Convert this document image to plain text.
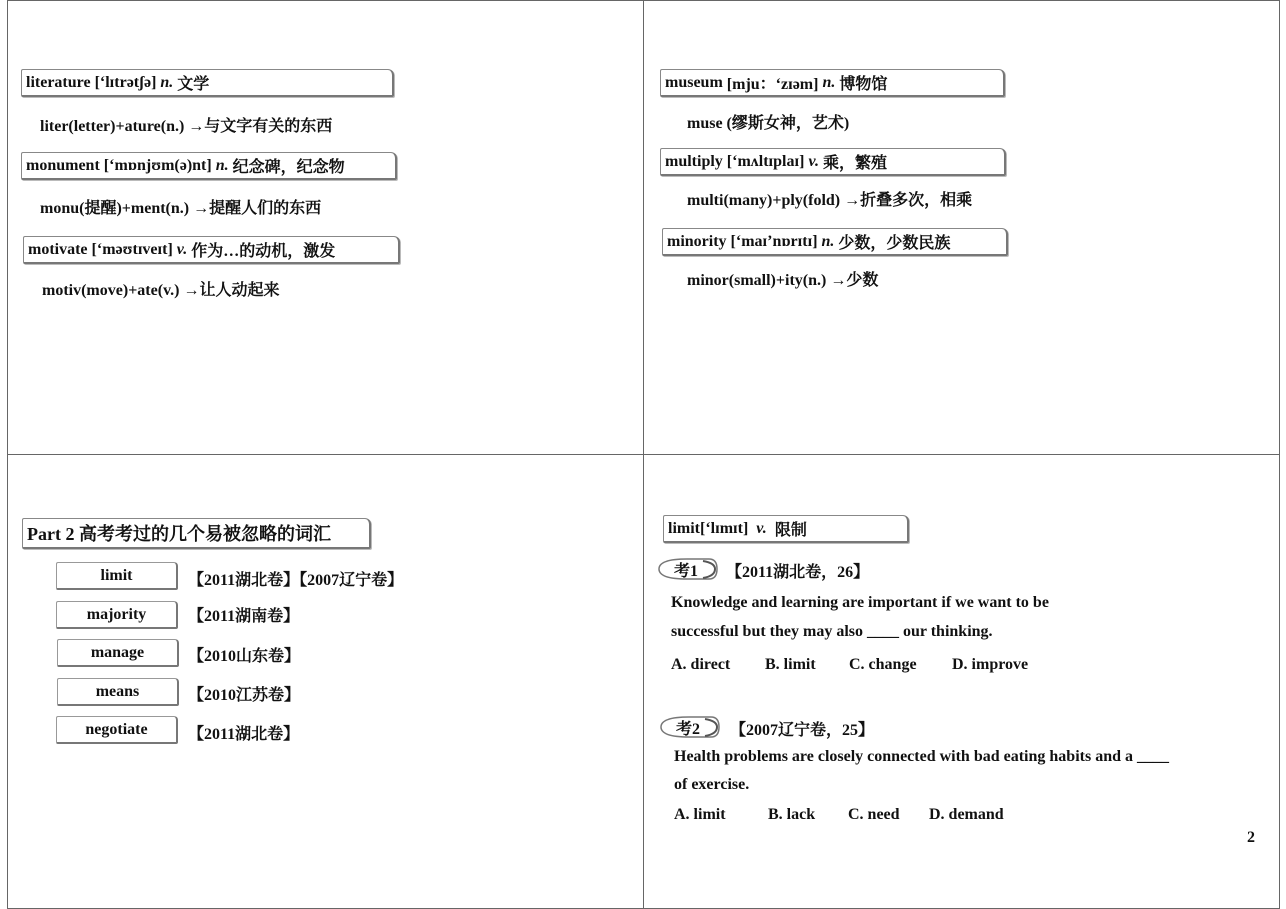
literature
[‘lɪtrətʃə]
n.
文学
liter(letter)+ature(n.) →与文字有关的东西
monument
[‘mɒnjʊm(ə)nt]
n.
纪念碑，纪念物
monu(提醒)+ment(n.) →提醒人们的东西
motivate
[‘məʊtɪveɪt]
v.
作为…的动机，激发
motiv(move)+ate(v.) →让人动起来
museum
[mju：‘zɪəm]
n.
博物馆
muse (缪斯女神，艺术)
multiply
[‘mʌltɪplaɪ]
v.
乘，繁殖
multi(many)+ply(fold) →折叠多次，相乘
minority
[‘maɪ’nɒrɪtɪ]
n.
少数，少数民族
minor(small)+ity(n.) →少数
Part 2 高考考过的几个易被忽略的词汇
limit	【2011湖北卷】【2007辽宁卷】
majority	【2011湖南卷】
manage	【2010山东卷】
means	【2010江苏卷】
negotiate	【2011湖北卷】
limit [‘lɪmɪt]
v.
限制
考1 【2011湖北卷，26】
Knowledge and learning are important if we want to be
successful but they may also ____ our thinking.
A. direct B. limit C. change D. improve
考2 【2007辽宁卷，25】
Health problems are closely connected with bad eating habits and a ____
of exercise.
A. limit	B. lack C. need D. demand
2
